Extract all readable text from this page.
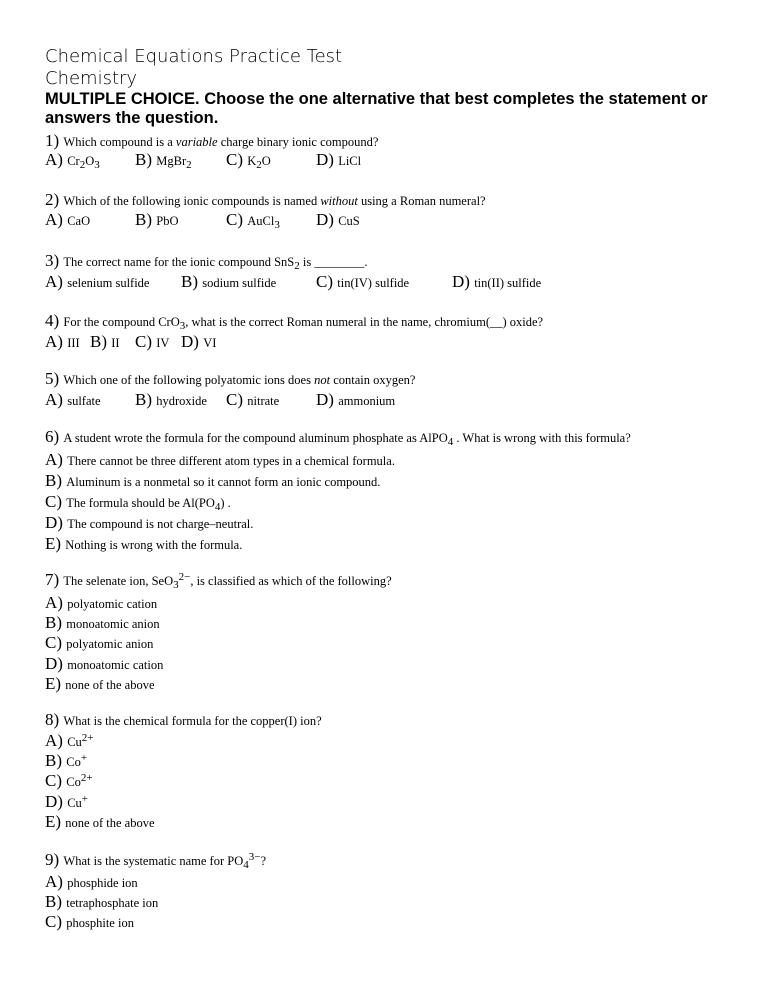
Chemical Equations Practice Test
Chemistry
MULTIPLE CHOICE. Choose the one alternative that best completes the statement or answers the question.
1) Which compound is a variable charge binary ionic compound?
A) $Cr_2O_3$ B) MgBr$_2$ C) $K_2O$	D) LiCl
2) Which of the following ionic compounds is named without using a Roman numeral?
A) CaO	B) PbO	C) AuCl$_3$ D) CuS
3) The correct name for the ionic compound SnS$_2$ is ________.
A) selenium sulfide B) sodium sulfide C) tin(IV) sulfide	D) tin(II) sulfide
4) For the compound CrO$_3$, what is the correct Roman numeral in the name, chromium(__) oxide?
A) III B) II C) IV D) VI
5) Which one of the following polyatomic ions does not contain oxygen?
A) sulfate B) hydroxide C) nitrate D) ammonium
6) A student wrote the formula for the compound aluminum phosphate as AlPO$_4$ . What is wrong with this formula?
A) There cannot be three different atom types in a chemical formula.
B) Aluminum is a nonmetal so it cannot form an ionic compound.
C) The formula should be $Al(PO_4)$ .
D) The compound is not charge–neutral.
E) Nothing is wrong with the formula.
7) The selenate ion, SeO$_3^{2-}$, is classified as which of the following?
A) polyatomic cation
B) monoatomic anion
C) polyatomic anion
D) monoatomic cation
E) none of the above
8) What is the chemical formula for the copper(I) ion?
A) $Cu^{2+}$
B) Co+
C) $Co^{2+}$
D) Cu+
E) none of the above
9) What is the systematic name for $PO_4^{3-}$?
A) phosphide ion
B) tetraphosphate ion
C) phosphite ion
